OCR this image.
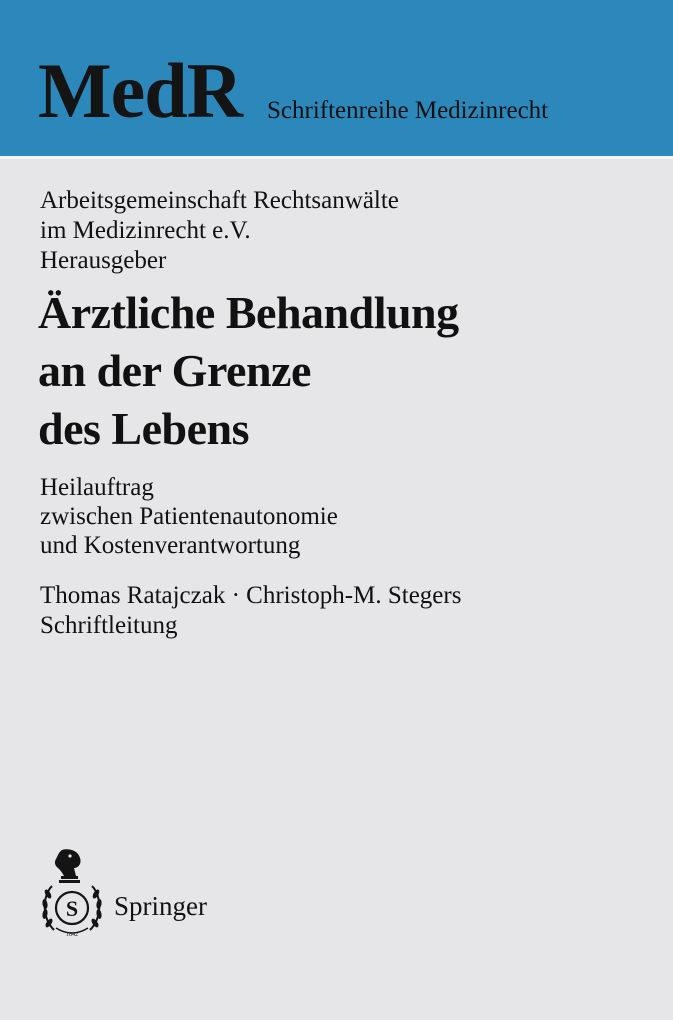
MedR Schriftenreihe Medizinrecht
Arbeitsgemeinschaft Rechtsanwälte
im Medizinrecht e.V.
Herausgeber
Ärztliche Behandlung
an der Grenze
des Lebens
Heilauftrag
zwischen Patientenautonomie
und Kostenverantwortung
Thomas Ratajczak · Christoph-M. Stegers
Schriftleitung
S
1842
Springer
